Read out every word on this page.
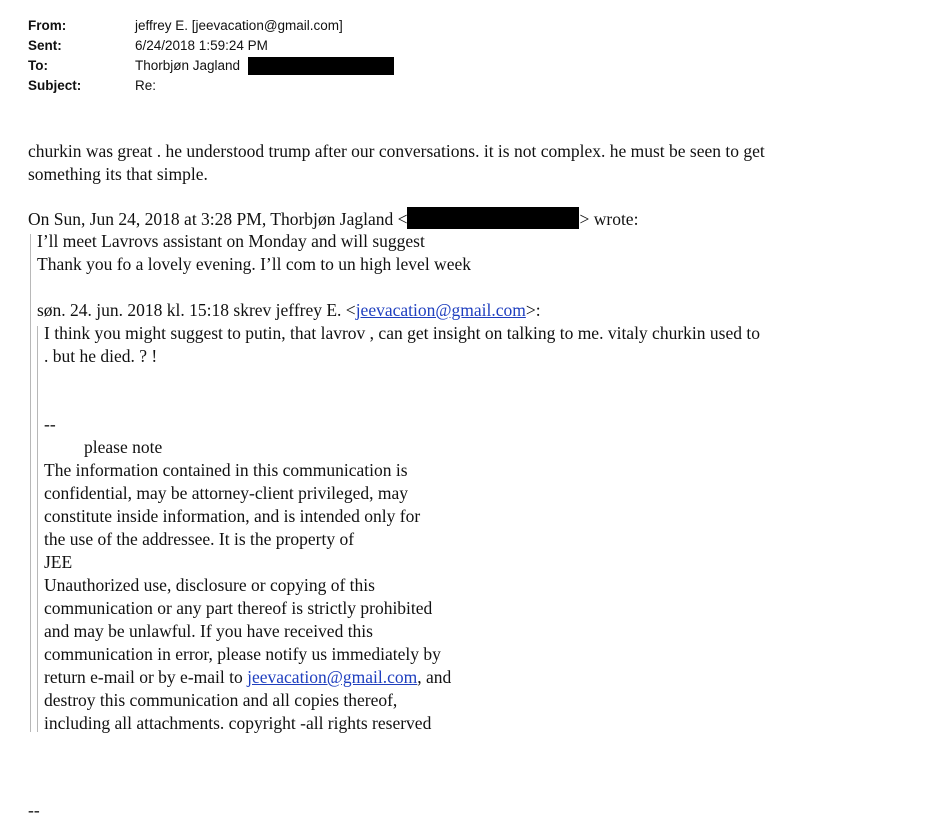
From:	jeffrey E. [jeevacation@gmail.com]
Sent:	6/24/2018 1:59:24 PM
To:	Thorbjøn Jagland
Subject:	Re:
churkin was great . he understood trump after our conversations. it is not complex. he must be seen to get
something its that simple.
On Sun, Jun 24, 2018 at 3:28 PM, Thorbjøn Jagland <	> wrote:
I’ll meet Lavrovs assistant on Monday and will suggest
Thank you fo a lovely evening. I’ll com to un high level week
søn. 24. jun. 2018 kl. 15:18 skrev jeffrey E. <jeevacation@gmail.com>:
I think you might suggest to putin, that lavrov , can get insight on talking to me. vitaly churkin used to
. but he died. ? !
--
please note
The information contained in this communication is
confidential, may be attorney-client privileged, may
constitute inside information, and is intended only for
the use of the addressee. It is the property of
JEE
Unauthorized use, disclosure or copying of this
communication or any part thereof is strictly prohibited
and may be unlawful. If you have received this
communication in error, please notify us immediately by
return e-mail or by e-mail to jeevacation@gmail.com, and
destroy this communication and all copies thereof,
including all attachments. copyright -all rights reserved
--
